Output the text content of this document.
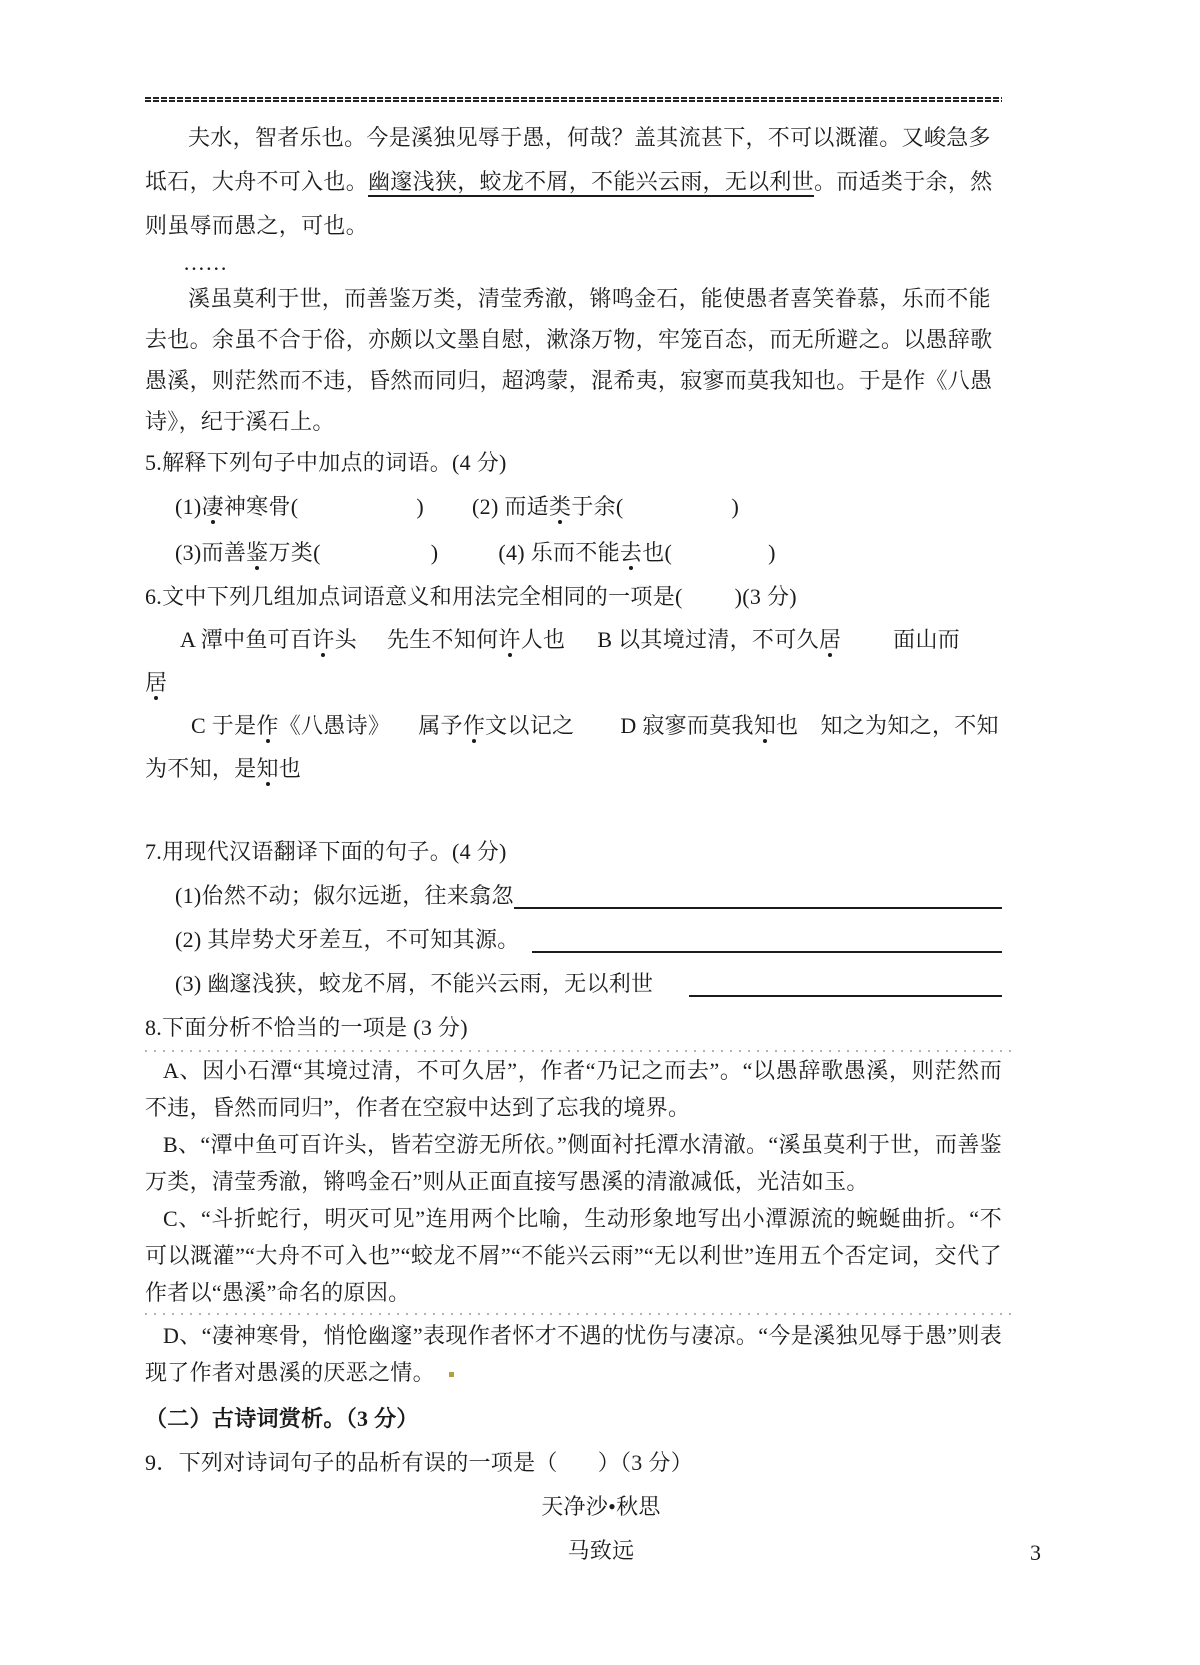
夫水，智者乐也。今是溪独见辱于愚，何哉？盖其流甚下，不可以溉灌。又峻急多坻石，大舟不可入也。幽邃浅狭，蛟龙不屑，不能兴云雨，无以利世。而适类于余，然则虽辱而愚之，可也。
……
溪虽莫利于世，而善鉴万类，清莹秀澈，锵鸣金石，能使愚者喜笑眷慕，乐而不能去也。余虽不合于俗，亦颇以文墨自慰，漱涤万物，牢笼百态，而无所避之。以愚辞歌愚溪，则茫然而不违，昏然而同归，超鸿蒙，混希夷，寂寥而莫我知也。于是作《八愚诗》，纪于溪石上。
5.解释下列句子中加点的词语。(4 分)
(1)凄神寒骨(	) (2) 而适类于余(	)
(3)而善鉴万类(	)	(4) 乐而不能去也(	)
6.文中下列几组加点词语意义和用法完全相同的一项是( )(3 分)
A 潭中鱼可百许头 先生不知何许人也 B 以其境过清，不可久居 面山而
居
C 于是作《八愚诗》 属予作文以记之 D 寂寥而莫我知也 知之为知之，不知
为不知，是知也
7.用现代汉语翻译下面的句子。(4 分)
(1)佁然不动；俶尔远逝，往来翕忽
(2) 其岸势犬牙差互，不可知其源。
(3) 幽邃浅狭，蛟龙不屑，不能兴云雨，无以利世
8.下面分析不恰当的一项是 (3 分)
A、因小石潭“其境过清，不可久居”，作者“乃记之而去”。“以愚辞歌愚溪，则茫然而不违，昏然而同归”，作者在空寂中达到了忘我的境界。
B、“潭中鱼可百许头，皆若空游无所依。”侧面衬托潭水清澈。“溪虽莫利于世，而善鉴万类，清莹秀澈，锵鸣金石”则从正面直接写愚溪的清澈减低，光洁如玉。
C、“斗折蛇行，明灭可见”连用两个比喻，生动形象地写出小潭源流的蜿蜒曲折。“不可以溉灌”“大舟不可入也”“蛟龙不屑”“不能兴云雨”“无以利世”连用五个否定词，交代了作者以“愚溪”命名的原因。
D、“凄神寒骨，悄怆幽邃”表现作者怀才不遇的忧伤与凄凉。“今是溪独见辱于愚”则表现了作者对愚溪的厌恶之情。
（二）古诗词赏析。（3 分）
9．下列对诗词句子的品析有误的一项是（ ）（3 分）
天净沙•秋思
马致远	3
